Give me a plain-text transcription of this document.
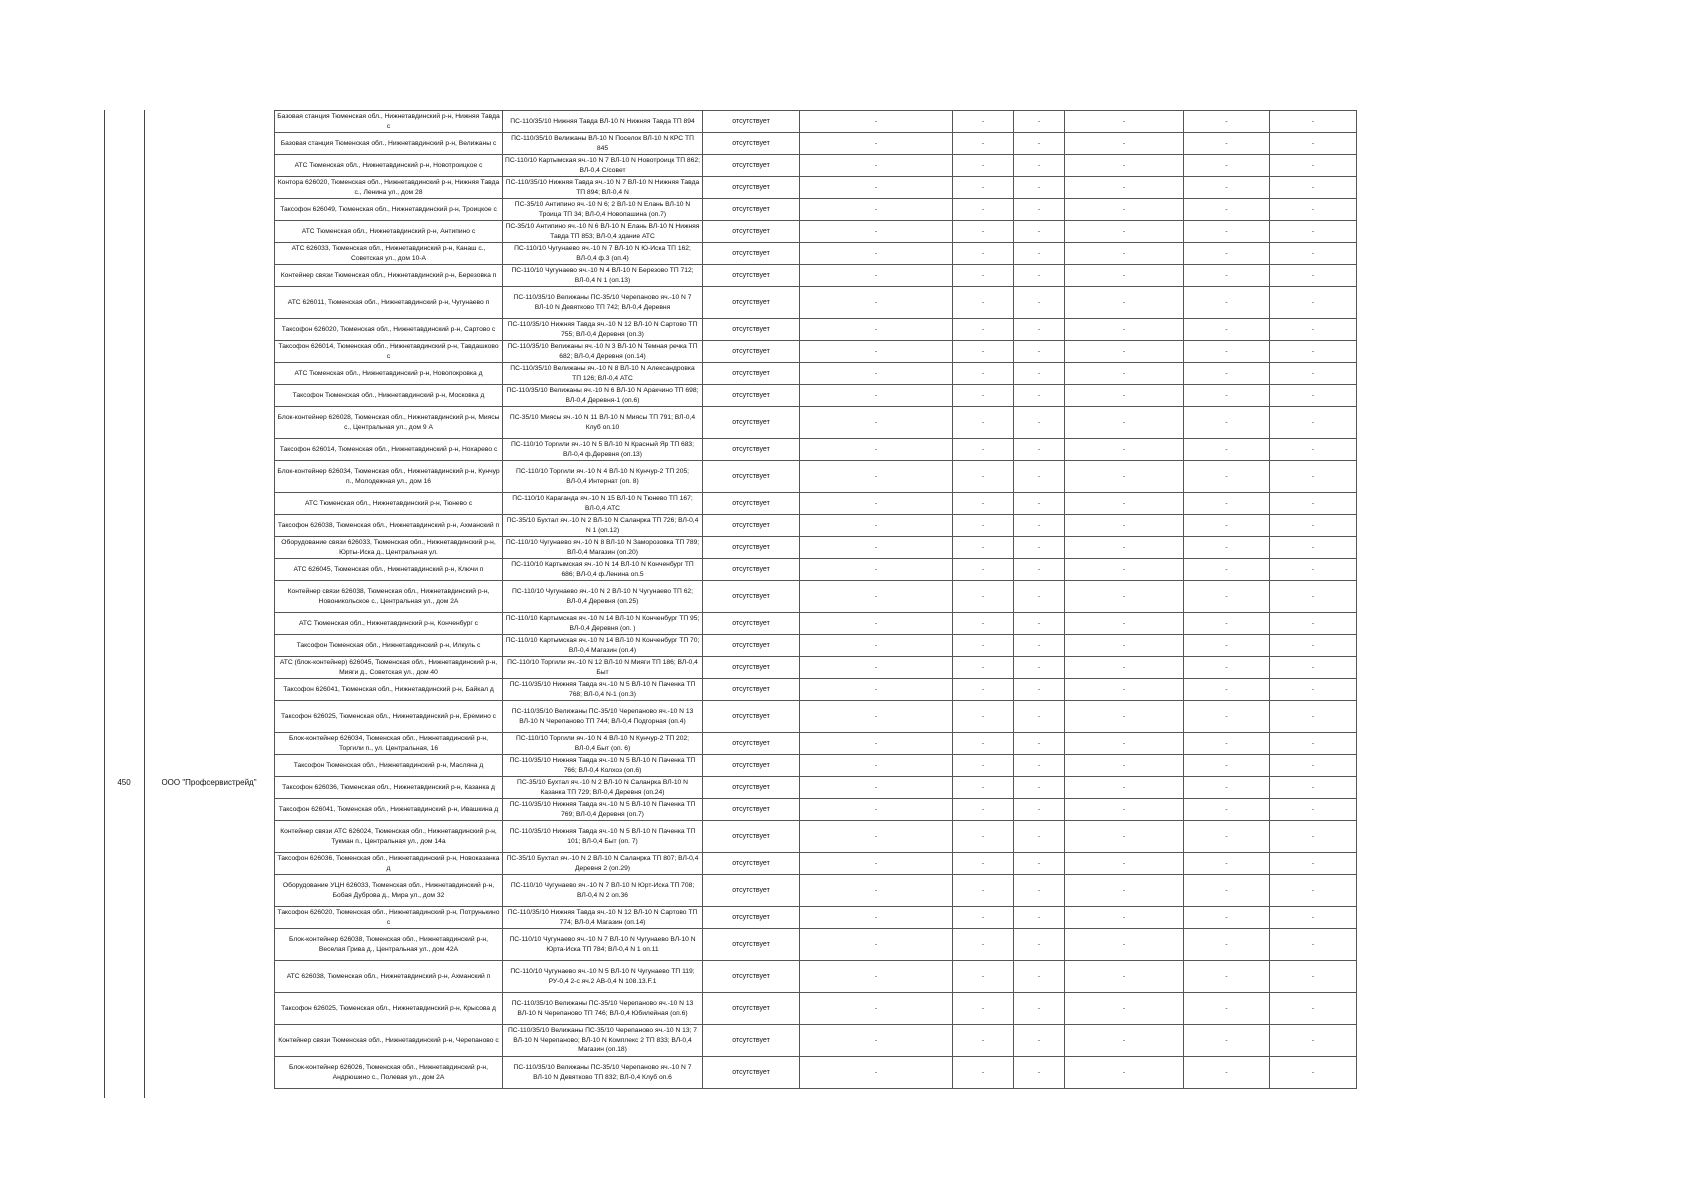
450	ООО "Профсервистрейд"
Базовая станция Тюменская обл., Нижнетавдинский р-н, Нижняя Тавда с	ПС-110/35/10 Нижняя Тавда ВЛ-10 N Нижняя Тавда ТП 894	отсутствует	-	-	-	-	-	-
Базовая станция Тюменская обл., Нижнетавдинский р-н, Велижаны с	ПС-110/35/10 Велижаны ВЛ-10 N Поселок ВЛ-10 N КРС ТП 845	отсутствует	-	-	-	-	-	-
АТС Тюменская обл., Нижнетавдинский р-н, Новотроицкое с	ПС-110/10 Картымская яч.-10 N 7 ВЛ-10 N Новотроицк ТП 862; ВЛ-0,4 С/совет	отсутствует	-	-	-	-	-	-
Контора 626020, Тюменская обл., Нижнетавдинский р-н, Нижняя Тавда с., Ленина ул., дом 28	ПС-110/35/10 Нижняя Тавда яч.-10 N 7 ВЛ-10 N Нижняя Тавда ТП 894; ВЛ-0,4 N	отсутствует	-	-	-	-	-	-
Таксофон 626049, Тюменская обл., Нижнетавдинский р-н, Троицкое с	ПС-35/10 Антипино яч.-10 N 6; 2 ВЛ-10 N Елань ВЛ-10 N Троица ТП 34; ВЛ-0,4 Новопашина (оп.7)	отсутствует	-	-	-	-	-	-
АТС Тюменская обл., Нижнетавдинский р-н, Антипино с	ПС-35/10 Антипино яч.-10 N 6 ВЛ-10 N Елань ВЛ-10 N Нижняя Тавда ТП 853; ВЛ-0,4 здание АТС	отсутствует	-	-	-	-	-	-
АТС 626033, Тюменская обл., Нижнетавдинский р-н, Канаш с., Советская ул., дом 10-А	ПС-110/10 Чугунаево яч.-10 N 7 ВЛ-10 N Ю-Иска ТП 162; ВЛ-0,4 ф.3 (оп.4)	отсутствует	-	-	-	-	-	-
Контейнер связи Тюменская обл., Нижнетавдинский р-н, Березовка п	ПС-110/10 Чугунаево яч.-10 N 4 ВЛ-10 N Березово ТП 712; ВЛ-0,4 N 1 (оп.13)	отсутствует	-	-	-	-	-	-
АТС 626011, Тюменская обл., Нижнетавдинский р-н, Чугунаево п	ПС-110/35/10 Велижаны ПС-35/10 Черепаново яч.-10 N 7 ВЛ-10 N Девятково ТП 742; ВЛ-0,4 Деревня	отсутствует	-	-	-	-	-	-
Таксофон 626020, Тюменская обл., Нижнетавдинский р-н, Сартово с	ПС-110/35/10 Нижняя Тавда яч.-10 N 12 ВЛ-10 N Сартово ТП 755; ВЛ-0,4 Деревня (оп.3)	отсутствует	-	-	-	-	-	-
Таксофон 626014, Тюменская обл., Нижнетавдинский р-н, Тавдашково с	ПС-110/35/10 Велижаны яч.-10 N 3 ВЛ-10 N Темная речка ТП 682; ВЛ-0,4 Деревня (оп.14)	отсутствует	-	-	-	-	-	-
АТС Тюменская обл., Нижнетавдинский р-н, Новопокровка д	ПС-110/35/10 Велижаны яч.-10 N 8 ВЛ-10 N Александровка ТП 126; ВЛ-0,4 АТС	отсутствует	-	-	-	-	-	-
Таксофон Тюменская обл., Нижнетавдинский р-н, Московка д	ПС-110/35/10 Велижаны яч.-10 N 6 ВЛ-10 N Аракчино ТП 698; ВЛ-0,4 Деревня-1 (оп.6)	отсутствует	-	-	-	-	-	-
Блок-контейнер 626028, Тюменская обл., Нижнетавдинский р-н, Миясы с., Центральная ул., дом 9 А	ПС-35/10 Миясы яч.-10 N 11 ВЛ-10 N Миясы ТП 791; ВЛ-0,4 Клуб оп.10	отсутствует	-	-	-	-	-	-
Таксофон 626014, Тюменская обл., Нижнетавдинский р-н, Нохарево с	ПС-110/10 Торгили яч.-10 N 5 ВЛ-10 N Красный Яр ТП 683; ВЛ-0,4 ф.Деревня (оп.13)	отсутствует	-	-	-	-	-	-
Блок-контейнер 626034, Тюменская обл., Нижнетавдинский р-н, Кунчур п., Молодежная ул., дом 16	ПС-110/10 Торгили яч.-10 N 4 ВЛ-10 N Кунчур-2 ТП 205; ВЛ-0,4 Интернат (оп. 8)	отсутствует	-	-	-	-	-	-
АТС Тюменская обл., Нижнетавдинский р-н, Тюнево с	ПС-110/10 Караганда яч.-10 N 15 ВЛ-10 N Тюнево ТП 167; ВЛ-0,4 АТС	отсутствует	-	-	-	-	-	-
Таксофон 626038, Тюменская обл., Нижнетавдинский р-н, Ахманский п	ПС-35/10 Бухтал яч.-10 N 2 ВЛ-10 N Саланрка ТП 726; ВЛ-0,4 N 1 (оп.12)	отсутствует	-	-	-	-	-	-
Оборудование связи 626033, Тюменская обл., Нижнетавдинский р-н, Юрты-Иска д., Центральная ул.	ПС-110/10 Чугунаево яч.-10 N 8 ВЛ-10 N Заморозовка ТП 789; ВЛ-0,4 Магазин (оп.20)	отсутствует	-	-	-	-	-	-
АТС 626045, Тюменская обл., Нижнетавдинский р-н, Ключи п	ПС-110/10 Картымская яч.-10 N 14 ВЛ-10 N Конченбург ТП 686; ВЛ-0,4 ф.Ленина оп.5	отсутствует	-	-	-	-	-	-
Контейнер связи 626038, Тюменская обл., Нижнетавдинский р-н, Новоникольское с., Центральная ул., дом 2А	ПС-110/10 Чугунаево яч.-10 N 2 ВЛ-10 N Чугунаево ТП 62; ВЛ-0,4 Деревня (оп.25)	отсутствует	-	-	-	-	-	-
АТС Тюменская обл., Нижнетавдинский р-н, Конченбург с	ПС-110/10 Картымская яч.-10 N 14 ВЛ-10 N Конченбург ТП 95; ВЛ-0,4 Деревня (оп. )	отсутствует	-	-	-	-	-	-
Таксофон Тюменская обл., Нижнетавдинский р-н, Илкуль с	ПС-110/10 Картымская яч.-10 N 14 ВЛ-10 N Конченбург ТП 70; ВЛ-0,4 Магазин (оп.4)	отсутствует	-	-	-	-	-	-
АТС (блок-контейнер) 626045, Тюменская обл., Нижнетавдинский р-н, Мияги д., Советская ул., дом 40	ПС-110/10 Торгили яч.-10 N 12 ВЛ-10 N Мияги ТП 186; ВЛ-0,4 Быт	отсутствует	-	-	-	-	-	-
Таксофон 626041, Тюменская обл., Нижнетавдинский р-н, Байкал д	ПС-110/35/10 Нижняя Тавда яч.-10 N 5 ВЛ-10 N Паченка ТП 768; ВЛ-0,4 N-1 (оп.3)	отсутствует	-	-	-	-	-	-
Таксофон 626025, Тюменская обл., Нижнетавдинский р-н, Еремино с	ПС-110/35/10 Велижаны ПС-35/10 Черепаново яч.-10 N 13 ВЛ-10 N Черепаново ТП 744; ВЛ-0,4 Подгорная (оп.4)	отсутствует	-	-	-	-	-	-
Блок-контейнер 626034, Тюменская обл., Нижнетавдинский р-н, Торгили п., ул. Центральная, 16	ПС-110/10 Торгили яч.-10 N 4 ВЛ-10 N Кунчур-2 ТП 202; ВЛ-0,4 Быт (оп. 6)	отсутствует	-	-	-	-	-	-
Таксофон Тюменская обл., Нижнетавдинский р-н, Масляна д	ПС-110/35/10 Нижняя Тавда яч.-10 N 5 ВЛ-10 N Паченка ТП 766; ВЛ-0,4 Колхоз (оп.6)	отсутствует	-	-	-	-	-	-
Таксофон 626036, Тюменская обл., Нижнетавдинский р-н, Казанка д	ПС-35/10 Бухтал яч.-10 N 2 ВЛ-10 N Саланрка ВЛ-10 N Казанка ТП 729; ВЛ-0,4 Деревня (оп.24)	отсутствует	-	-	-	-	-	-
Таксофон 626041, Тюменская обл., Нижнетавдинский р-н, Ивашкина д	ПС-110/35/10 Нижняя Тавда яч.-10 N 5 ВЛ-10 N Паченка ТП 769; ВЛ-0,4 Деревня (оп.7)	отсутствует	-	-	-	-	-	-
Контейнер связи АТС 626024, Тюменская обл., Нижнетавдинский р-н, Тукман п., Центральная ул., дом 14а	ПС-110/35/10 Нижняя Тавда яч.-10 N 5 ВЛ-10 N Паченка ТП 101; ВЛ-0,4 Быт (оп. 7)	отсутствует	-	-	-	-	-	-
Таксофон 626036, Тюменская обл., Нижнетавдинский р-н, Новоказанка д	ПС-35/10 Бухтал яч.-10 N 2 ВЛ-10 N Саланрка ТП 807; ВЛ-0,4 Деревня 2 (оп.29)	отсутствует	-	-	-	-	-	-
Оборудование УЦН 626033, Тюменская обл., Нижнетавдинский р-н, Бобая Дуброва д., Мира ул., дом 32	ПС-110/10 Чугунаево яч.-10 N 7 ВЛ-10 N Юрт-Иска ТП 708; ВЛ-0,4 N 2 оп.36	отсутствует	-	-	-	-	-	-
Таксофон 626020, Тюменская обл., Нижнетавдинский р-н, Потрунькино с	ПС-110/35/10 Нижняя Тавда яч.-10 N 12 ВЛ-10 N Сартово ТП 774; ВЛ-0,4 Магазин (оп.14)	отсутствует	-	-	-	-	-	-
Блок-контейнер 626038, Тюменская обл., Нижнетавдинский р-н, Веселая Грива д., Центральная ул., дом 42А	ПС-110/10 Чугунаево яч.-10 N 7 ВЛ-10 N Чугунаево ВЛ-10 N Юрта-Иска ТП 784; ВЛ-0,4 N 1 оп.11	отсутствует	-	-	-	-	-	-
АТС 626038, Тюменская обл., Нижнетавдинский р-н, Ахманский п	ПС-110/10 Чугунаево яч.-10 N 5 ВЛ-10 N Чугунаево ТП 119; РУ-0,4 2-с яч.2 АВ-0,4 N 108.13.F.1	отсутствует	-	-	-	-	-	-
Таксофон 626025, Тюменская обл., Нижнетавдинский р-н, Крысова д	ПС-110/35/10 Велижаны ПС-35/10 Черепаново яч.-10 N 13 ВЛ-10 N Черепаново ТП 746; ВЛ-0,4 Юбилейная (оп.6)	отсутствует	-	-	-	-	-	-
Контейнер связи Тюменская обл., Нижнетавдинский р-н, Черепаново с	ПС-110/35/10 Велижаны ПС-35/10 Черепаново яч.-10 N 13; 7 ВЛ-10 N Черепаново; ВЛ-10 N Комплекс 2 ТП 833; ВЛ-0,4 Магазин (оп.18)	отсутствует	-	-	-	-	-	-
Блок-контейнер 626026, Тюменская обл., Нижнетавдинский р-н, Андрюшино с., Полевая ул., дом 2А	ПС-110/35/10 Велижаны ПС-35/10 Черепаново яч.-10 N 7 ВЛ-10 N Девятково ТП 832; ВЛ-0,4 Клуб оп.6	отсутствует	-	-	-	-	-	-
